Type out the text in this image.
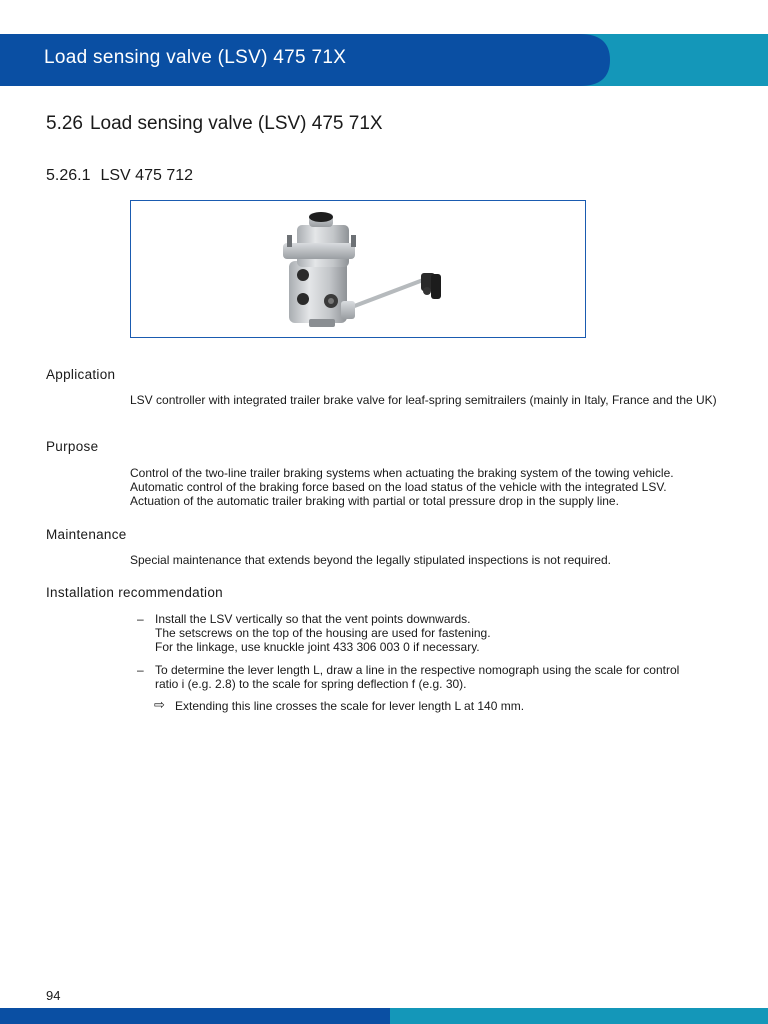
Load sensing valve (LSV) 475 71X
5.26 Load sensing valve (LSV) 475 71X
5.26.1 LSV 475 712
Application

LSV controller with integrated trailer brake valve for leaf-spring semitrailers (mainly in Italy, France and the UK)

Purpose

Control of the two-line trailer braking systems when actuating the braking system of the towing vehicle.

Automatic control of the braking force based on the load status of the vehicle with the integrated LSV.

Actuation of the automatic trailer braking with partial or total pressure drop in the supply line.

Maintenance

Special maintenance that extends beyond the legally stipulated inspections is not required.

Installation recommendation
– Install the LSV vertically so that the vent points downwards.
The setscrews on the top of the housing are used for fastening.
For the linkage, use knuckle joint 433 306 003 0 if necessary.
– To determine the lever length L, draw a line in the respective nomograph using the scale for control
ratio i (e.g. 2.8) to the scale for spring deflection f (e.g. 30).
⇨ Extending this line crosses the scale for lever length L at 140 mm.
94
